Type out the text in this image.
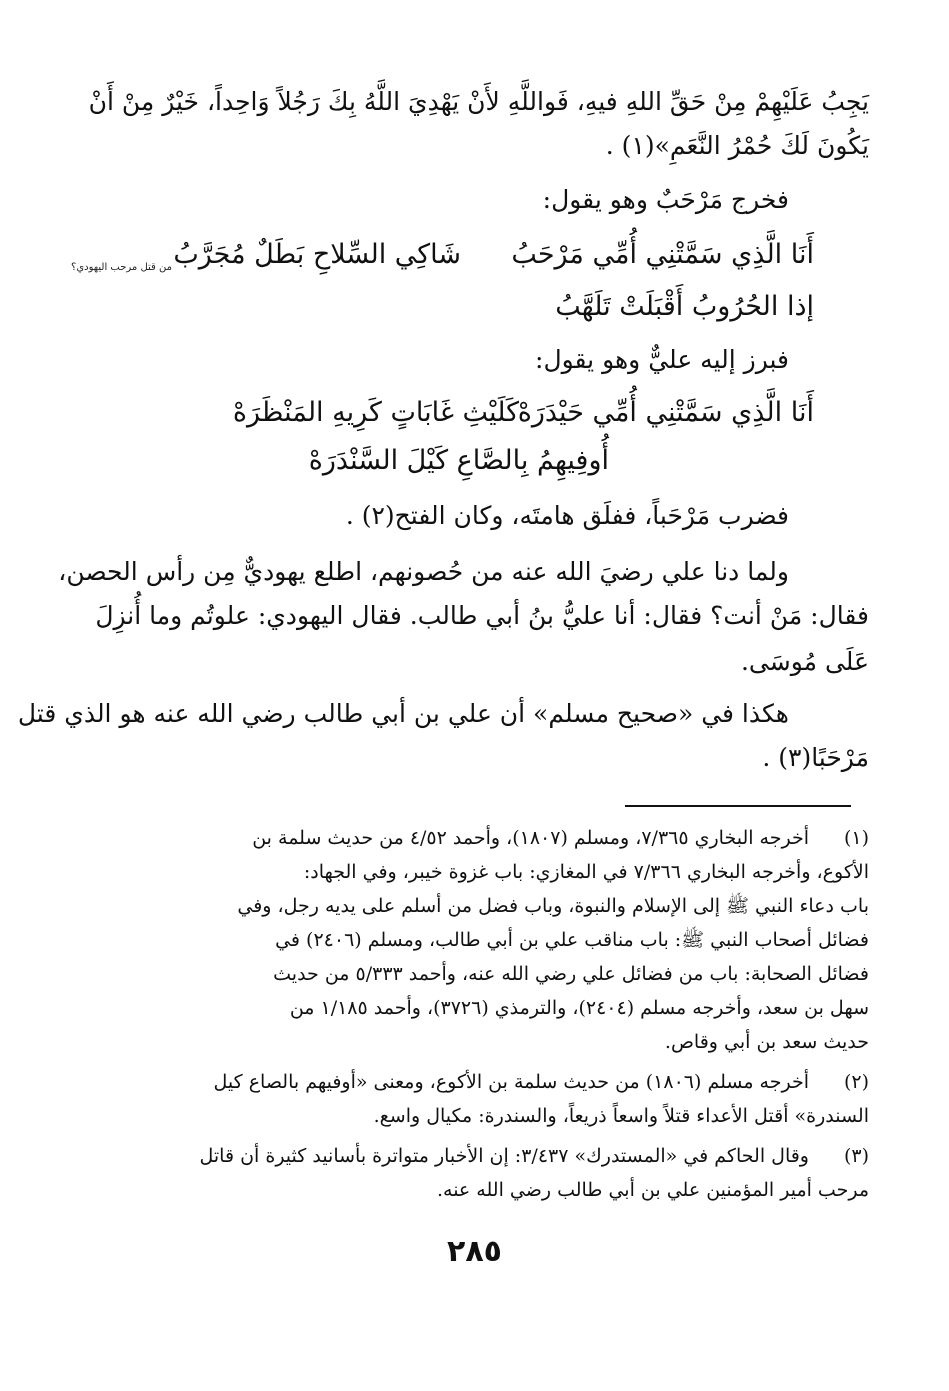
يَجِبُ عَلَيْهِمْ مِنْ حَقِّ اللهِ فيهِ، فَواللَّهِ لأَنْ يَهْدِيَ اللَّهُ بِكَ رَجُلاً وَاحِداً، خَيْرٌ مِنْ أَنْ
يَكُونَ لَكَ حُمْرُ النَّعَمِ»(١) .
فخرج مَرْحَبٌ وهو يقول:
أَنَا الَّذِي سَمَّتْنِي أُمِّي مَرْحَبُ
شَاكِي السِّلاحِ بَطَلٌ مُجَرَّبُ
من قتل مرحب اليهودي؟
إذا الحُرُوبُ أَقْبَلَتْ تَلَهَّبُ
فبرز إليه عليٌّ وهو يقول:
أَنَا الَّذِي سَمَّتْنِي أُمِّي حَيْدَرَهْ
كَلَيْثِ غَابَاتٍ كَرِيهِ المَنْظَرَهْ
أُوفِيهِمُ بِالصَّاعِ كَيْلَ السَّنْدَرَهْ
فضرب مَرْحَباً، ففلَق هامتَه، وكان الفتح(٢) .
ولما دنا علي رضيَ الله عنه من حُصونهم، اطلع يهوديٌّ مِن رأس الحصن،
فقال: مَنْ أنت؟ فقال: أنا عليُّ بنُ أبي طالب. فقال اليهودي: علوتُم وما أُنزِلَ
عَلَى مُوسَى.
هكذا في «صحيح مسلم» أن علي بن أبي طالب رضي الله عنه هو الذي قتل
مَرْحَبًا(٣) .
(١)
أخرجه البخاري ٧/٣٦٥، ومسلم (١٨٠٧)، وأحمد ٤/٥٢ من حديث سلمة بن
الأكوع، وأخرجه البخاري ٧/٣٦٦ في المغازي: باب غزوة خيبر، وفي الجهاد:
باب دعاء النبي ﷺ إلى الإسلام والنبوة، وباب فضل من أسلم على يديه رجل، وفي
فضائل أصحاب النبي ﷺ: باب مناقب علي بن أبي طالب، ومسلم (٢٤٠٦) في
فضائل الصحابة: باب من فضائل علي رضي الله عنه، وأحمد ٥/٣٣٣ من حديث
سهل بن سعد، وأخرجه مسلم (٢٤٠٤)، والترمذي (٣٧٢٦)، وأحمد ١/١٨٥ من
حديث سعد بن أبي وقاص.
(٢)
أخرجه مسلم (١٨٠٦) من حديث سلمة بن الأكوع، ومعنى «أوفيهم بالصاع كيل
السندرة» أقتل الأعداء قتلاً واسعاً ذريعاً، والسندرة: مكيال واسع.
(٣)
وقال الحاكم في «المستدرك» ٣/٤٣٧: إن الأخبار متواترة بأسانيد كثيرة أن قاتل
مرحب أمير المؤمنين علي بن أبي طالب رضي الله عنه.
٢٨٥
